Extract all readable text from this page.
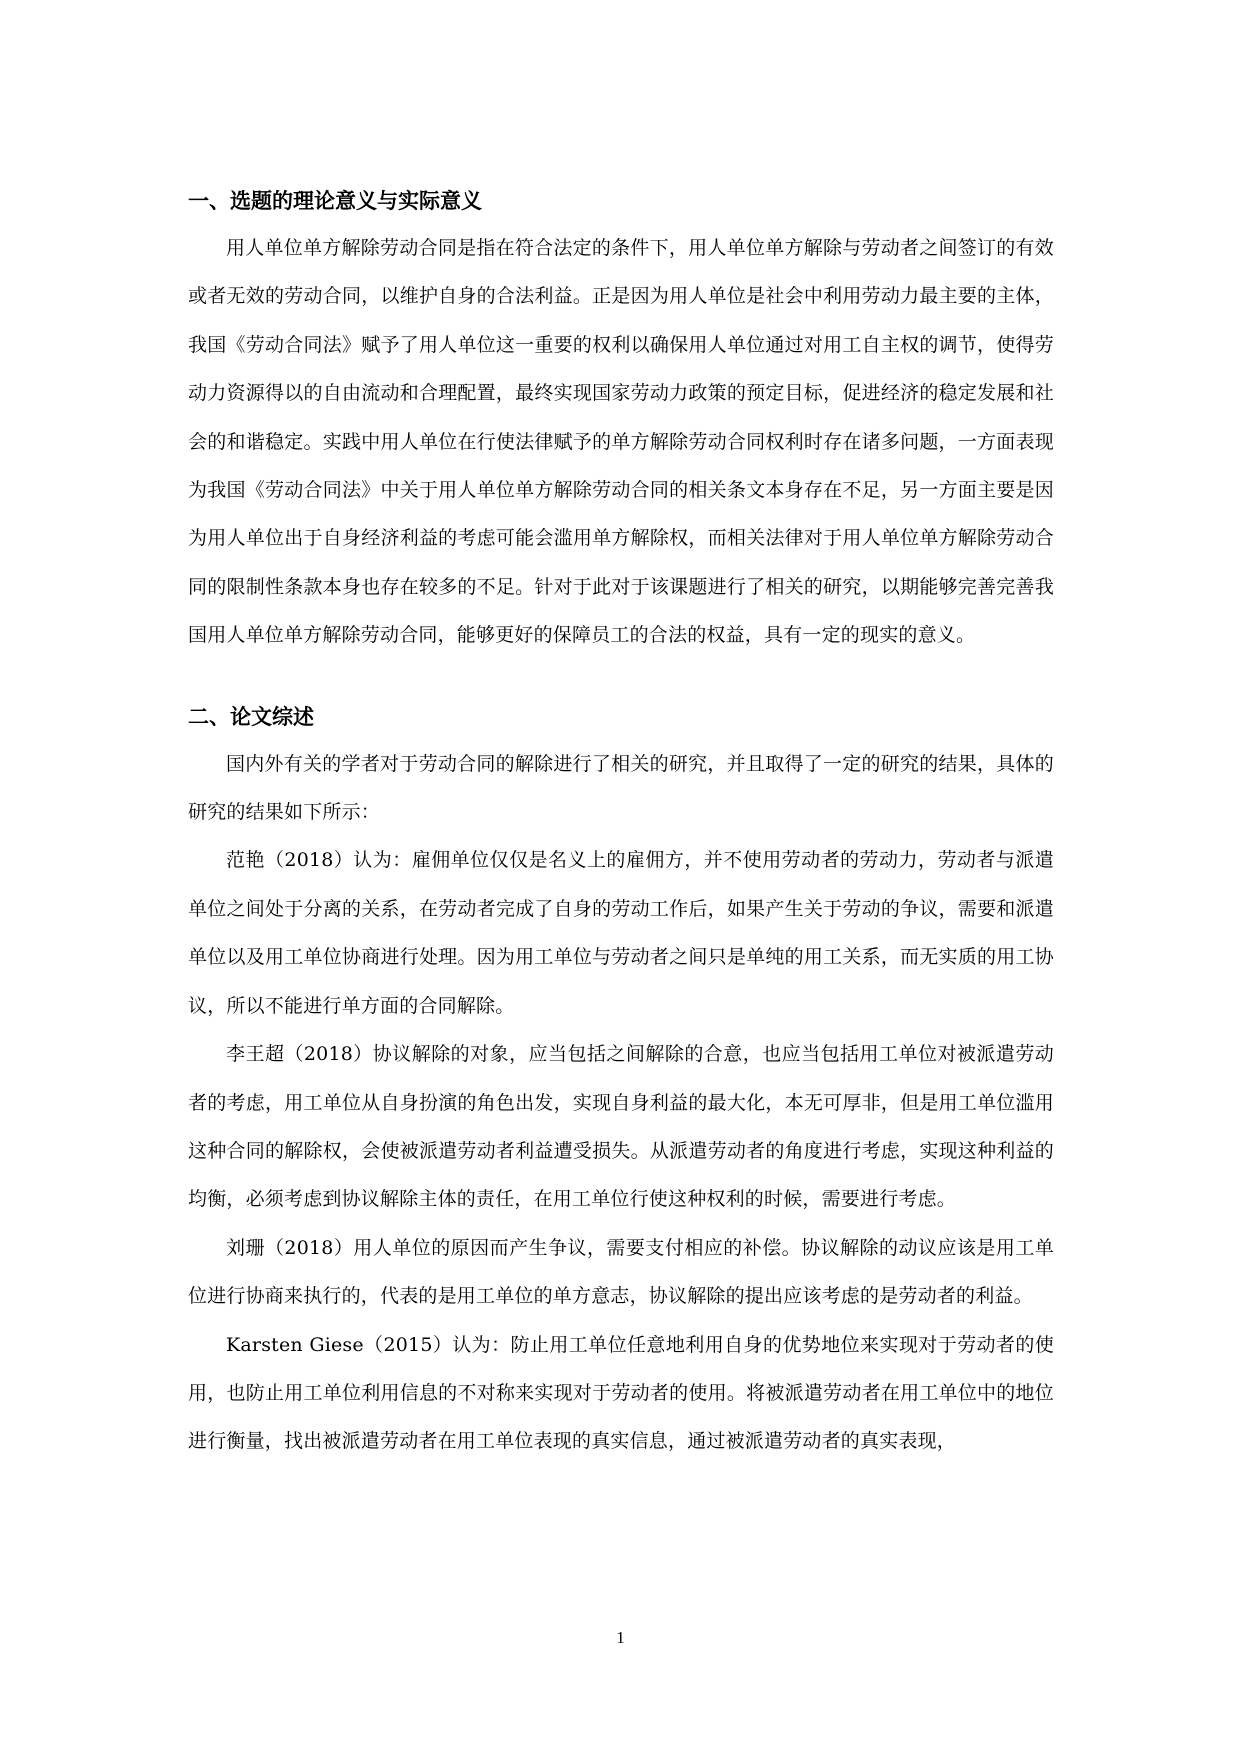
一、选题的理论意义与实际意义

用人单位单方解除劳动合同是指在符合法定的条件下，用人单位单方解除与劳动者之间签订的有效或者无效的劳动合同，以维护自身的合法利益。正是因为用人单位是社会中利用劳动力最主要的主体，我国《劳动合同法》赋予了用人单位这一重要的权利以确保用人单位通过对用工自主权的调节，使得劳动力资源得以的自由流动和合理配置，最终实现国家劳动力政策的预定目标，促进经济的稳定发展和社会的和谐稳定。实践中用人单位在行使法律赋予的单方解除劳动合同权利时存在诸多问题，一方面表现为我国《劳动合同法》中关于用人单位单方解除劳动合同的相关条文本身存在不足，另一方面主要是因为用人单位出于自身经济利益的考虑可能会滥用单方解除权，而相关法律对于用人单位单方解除劳动合同的限制性条款本身也存在较多的不足。针对于此对于该课题进行了相关的研究，以期能够完善完善我国用人单位单方解除劳动合同，能够更好的保障员工的合法的权益，具有一定的现实的意义。

二、论文综述

国内外有关的学者对于劳动合同的解除进行了相关的研究，并且取得了一定的研究的结果，具体的研究的结果如下所示：

范艳（2018）认为：雇佣单位仅仅是名义上的雇佣方，并不使用劳动者的劳动力，劳动者与派遣单位之间处于分离的关系，在劳动者完成了自身的劳动工作后，如果产生关于劳动的争议，需要和派遣单位以及用工单位协商进行处理。因为用工单位与劳动者之间只是单纯的用工关系，而无实质的用工协议，所以不能进行单方面的合同解除。

李王超（2018）协议解除的对象，应当包括之间解除的合意，也应当包括用工单位对被派遣劳动者的考虑，用工单位从自身扮演的角色出发，实现自身利益的最大化，本无可厚非，但是用工单位滥用这种合同的解除权，会使被派遣劳动者利益遭受损失。从派遣劳动者的角度进行考虑，实现这种利益的均衡，必须考虑到协议解除主体的责任，在用工单位行使这种权利的时候，需要进行考虑。

刘珊（2018）用人单位的原因而产生争议，需要支付相应的补偿。协议解除的动议应该是用工单位进行协商来执行的，代表的是用工单位的单方意志，协议解除的提出应该考虑的是劳动者的利益。

Karsten Giese（2015）认为：防止用工单位任意地利用自身的优势地位来实现对于劳动者的使用，也防止用工单位利用信息的不对称来实现对于劳动者的使用。将被派遣劳动者在用工单位中的地位进行衡量，找出被派遣劳动者在用工单位表现的真实信息，通过被派遣劳动者的真实表现，

1
